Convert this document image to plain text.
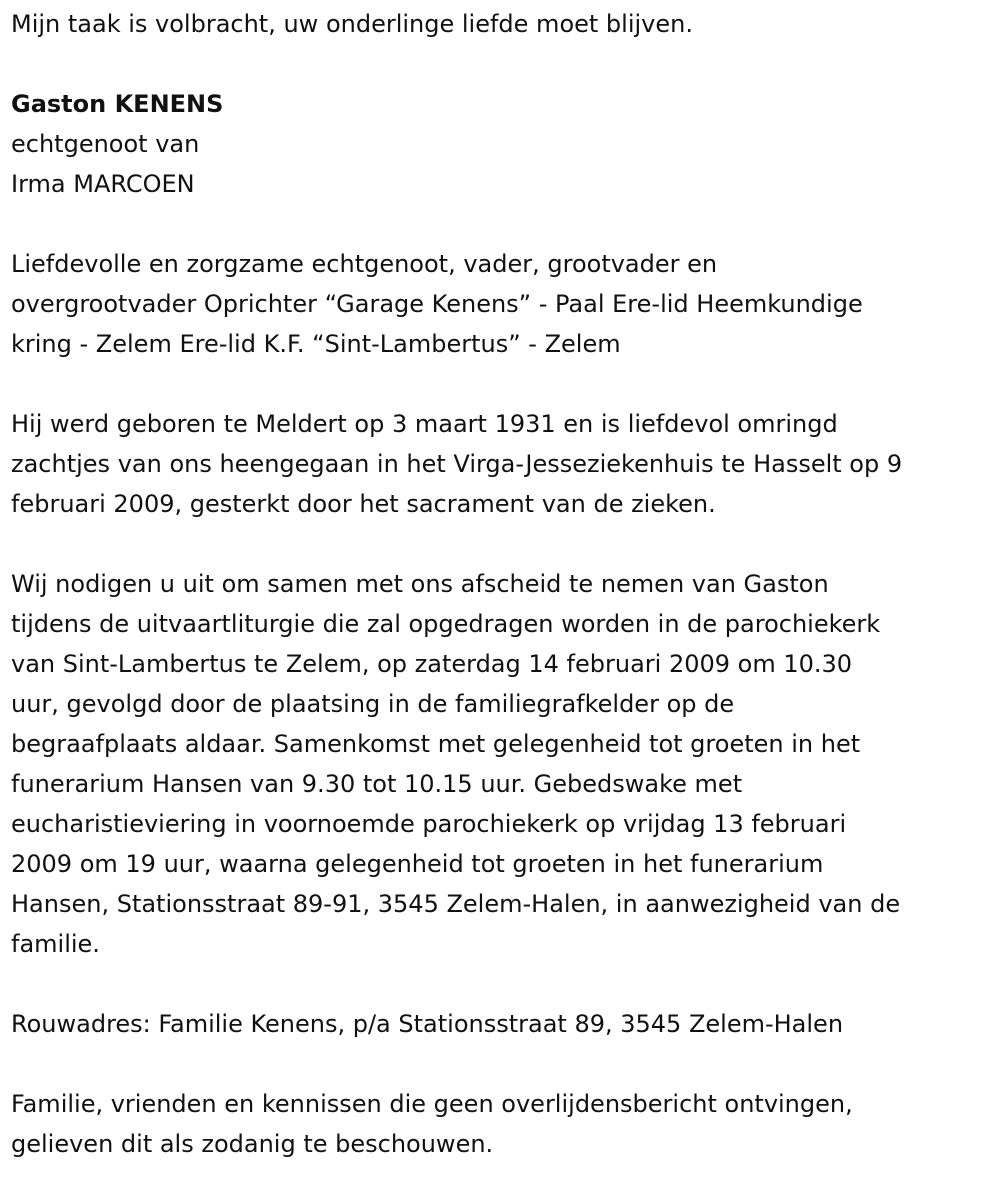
Mijn taak is volbracht, uw onderlinge liefde moet blijven.

Gaston KENENS

echtgenoot van

Irma MARCOEN

Liefdevolle en zorgzame echtgenoot, vader, grootvader en

overgrootvader Oprichter “Garage Kenens” - Paal Ere-lid Heemkundige

kring - Zelem Ere-lid K.F. “Sint-Lambertus” - Zelem

Hij werd geboren te Meldert op 3 maart 1931 en is liefdevol omringd

zachtjes van ons heengegaan in het Virga-Jesseziekenhuis te Hasselt op 9

februari 2009, gesterkt door het sacrament van de zieken.

Wij nodigen u uit om samen met ons afscheid te nemen van Gaston

tijdens de uitvaartliturgie die zal opgedragen worden in de parochiekerk

van Sint-Lambertus te Zelem, op zaterdag 14 februari 2009 om 10.30

uur, gevolgd door de plaatsing in de familiegrafkelder op de

begraafplaats aldaar. Samenkomst met gelegenheid tot groeten in het

funerarium Hansen van 9.30 tot 10.15 uur. Gebedswake met

eucharistieviering in voornoemde parochiekerk op vrijdag 13 februari

2009 om 19 uur, waarna gelegenheid tot groeten in het funerarium

Hansen, Stationsstraat 89-91, 3545 Zelem-Halen, in aanwezigheid van de

familie.

Rouwadres: Familie Kenens, p/a Stationsstraat 89, 3545 Zelem-Halen

Familie, vrienden en kennissen die geen overlijdensbericht ontvingen,

gelieven dit als zodanig te beschouwen.
